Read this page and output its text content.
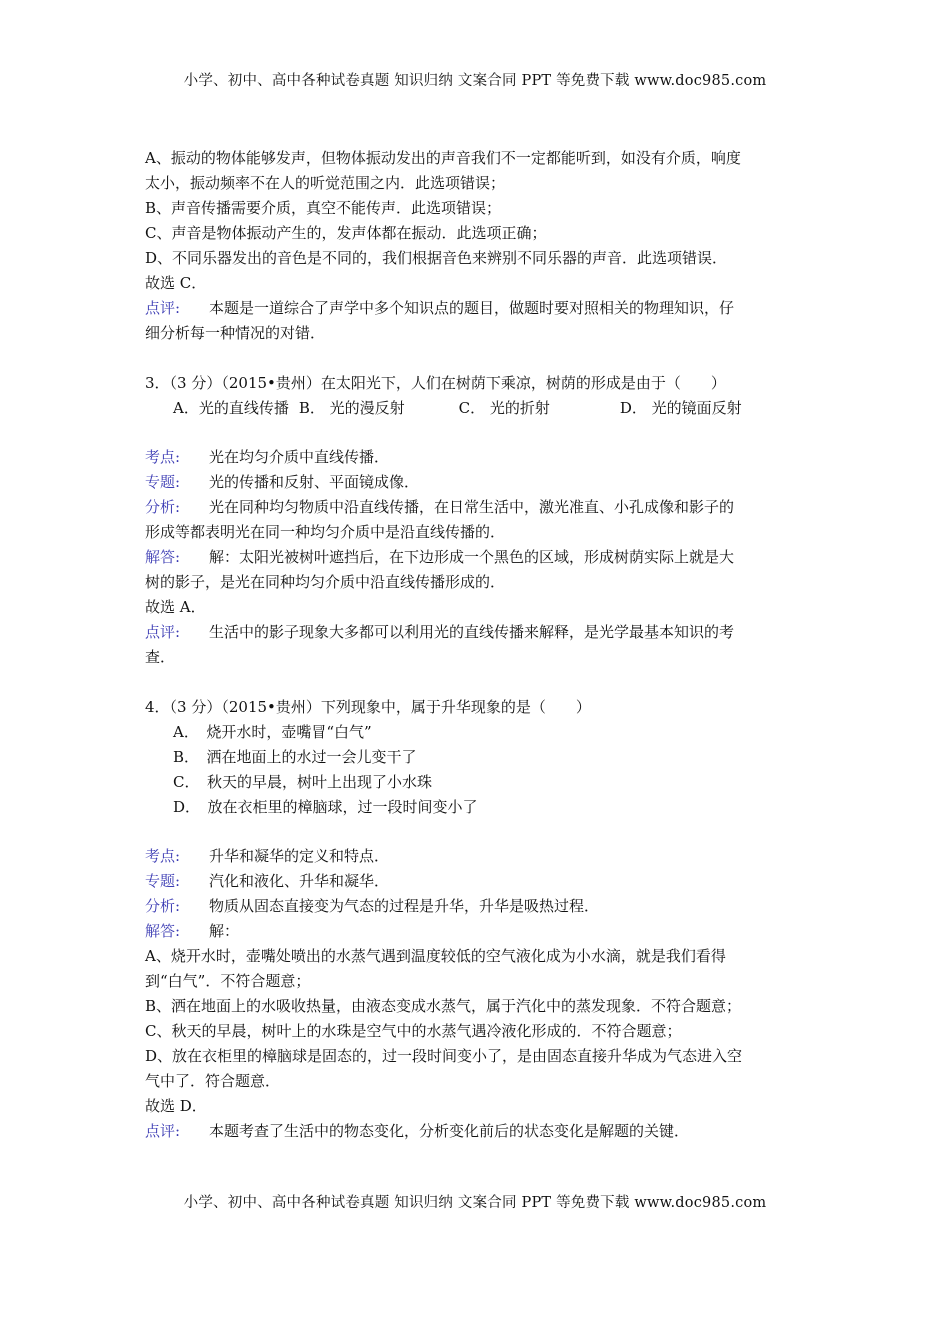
小学、初中、高中各种试卷真题 知识归纳 文案合同 PPT 等免费下载 www.doc985.com
A、振动的物体能够发声，但物体振动发出的声音我们不一定都能听到，如没有介质，响度
太小，振动频率不在人的听觉范围之内．此选项错误；
B、声音传播需要介质，真空不能传声．此选项错误；
C、声音是物体振动产生的，发声体都在振动．此选项正确；
D、不同乐器发出的音色是不同的，我们根据音色来辨别不同乐器的声音．此选项错误．
故选 C．
点评: 本题是一道综合了声学中多个知识点的题目，做题时要对照相关的物理知识，仔
细分析每一种情况的对错．
3．（3 分）（2015•贵州）在太阳光下，人们在树荫下乘凉，树荫的形成是由于（　　）
A．光的直线传播 B． 光的漫反射	C． 光的折射	D． 光的镜面反射
考点: 光在均匀介质中直线传播．
专题: 光的传播和反射、平面镜成像．
分析: 光在同种均匀物质中沿直线传播，在日常生活中，激光准直、小孔成像和影子的
形成等都表明光在同一种均匀介质中是沿直线传播的．
解答: 解：太阳光被树叶遮挡后，在下边形成一个黑色的区域，形成树荫实际上就是大
树的影子，是光在同种均匀介质中沿直线传播形成的．
故选 A．
点评: 生活中的影子现象大多都可以利用光的直线传播来解释，是光学最基本知识的考
查．
4．（3 分）（2015•贵州）下列现象中，属于升华现象的是（　　）
A．　烧开水时，壶嘴冒“白气”
B．　洒在地面上的水过一会儿变干了
C．　秋天的早晨，树叶上出现了小水珠
D．　放在衣柜里的樟脑球，过一段时间变小了
考点: 升华和凝华的定义和特点．
专题: 汽化和液化、升华和凝华．
分析: 物质从固态直接变为气态的过程是升华，升华是吸热过程．
解答: 解：
A、烧开水时，壶嘴处喷出的水蒸气遇到温度较低的空气液化成为小水滴，就是我们看得
到“白气”．不符合题意；
B、洒在地面上的水吸收热量，由液态变成水蒸气，属于汽化中的蒸发现象．不符合题意；
C、秋天的早晨，树叶上的水珠是空气中的水蒸气遇冷液化形成的．不符合题意；
D、放在衣柜里的樟脑球是固态的，过一段时间变小了，是由固态直接升华成为气态进入空
气中了．符合题意．
故选 D．
点评: 本题考查了生活中的物态变化，分析变化前后的状态变化是解题的关键．
小学、初中、高中各种试卷真题 知识归纳 文案合同 PPT 等免费下载 www.doc985.com
